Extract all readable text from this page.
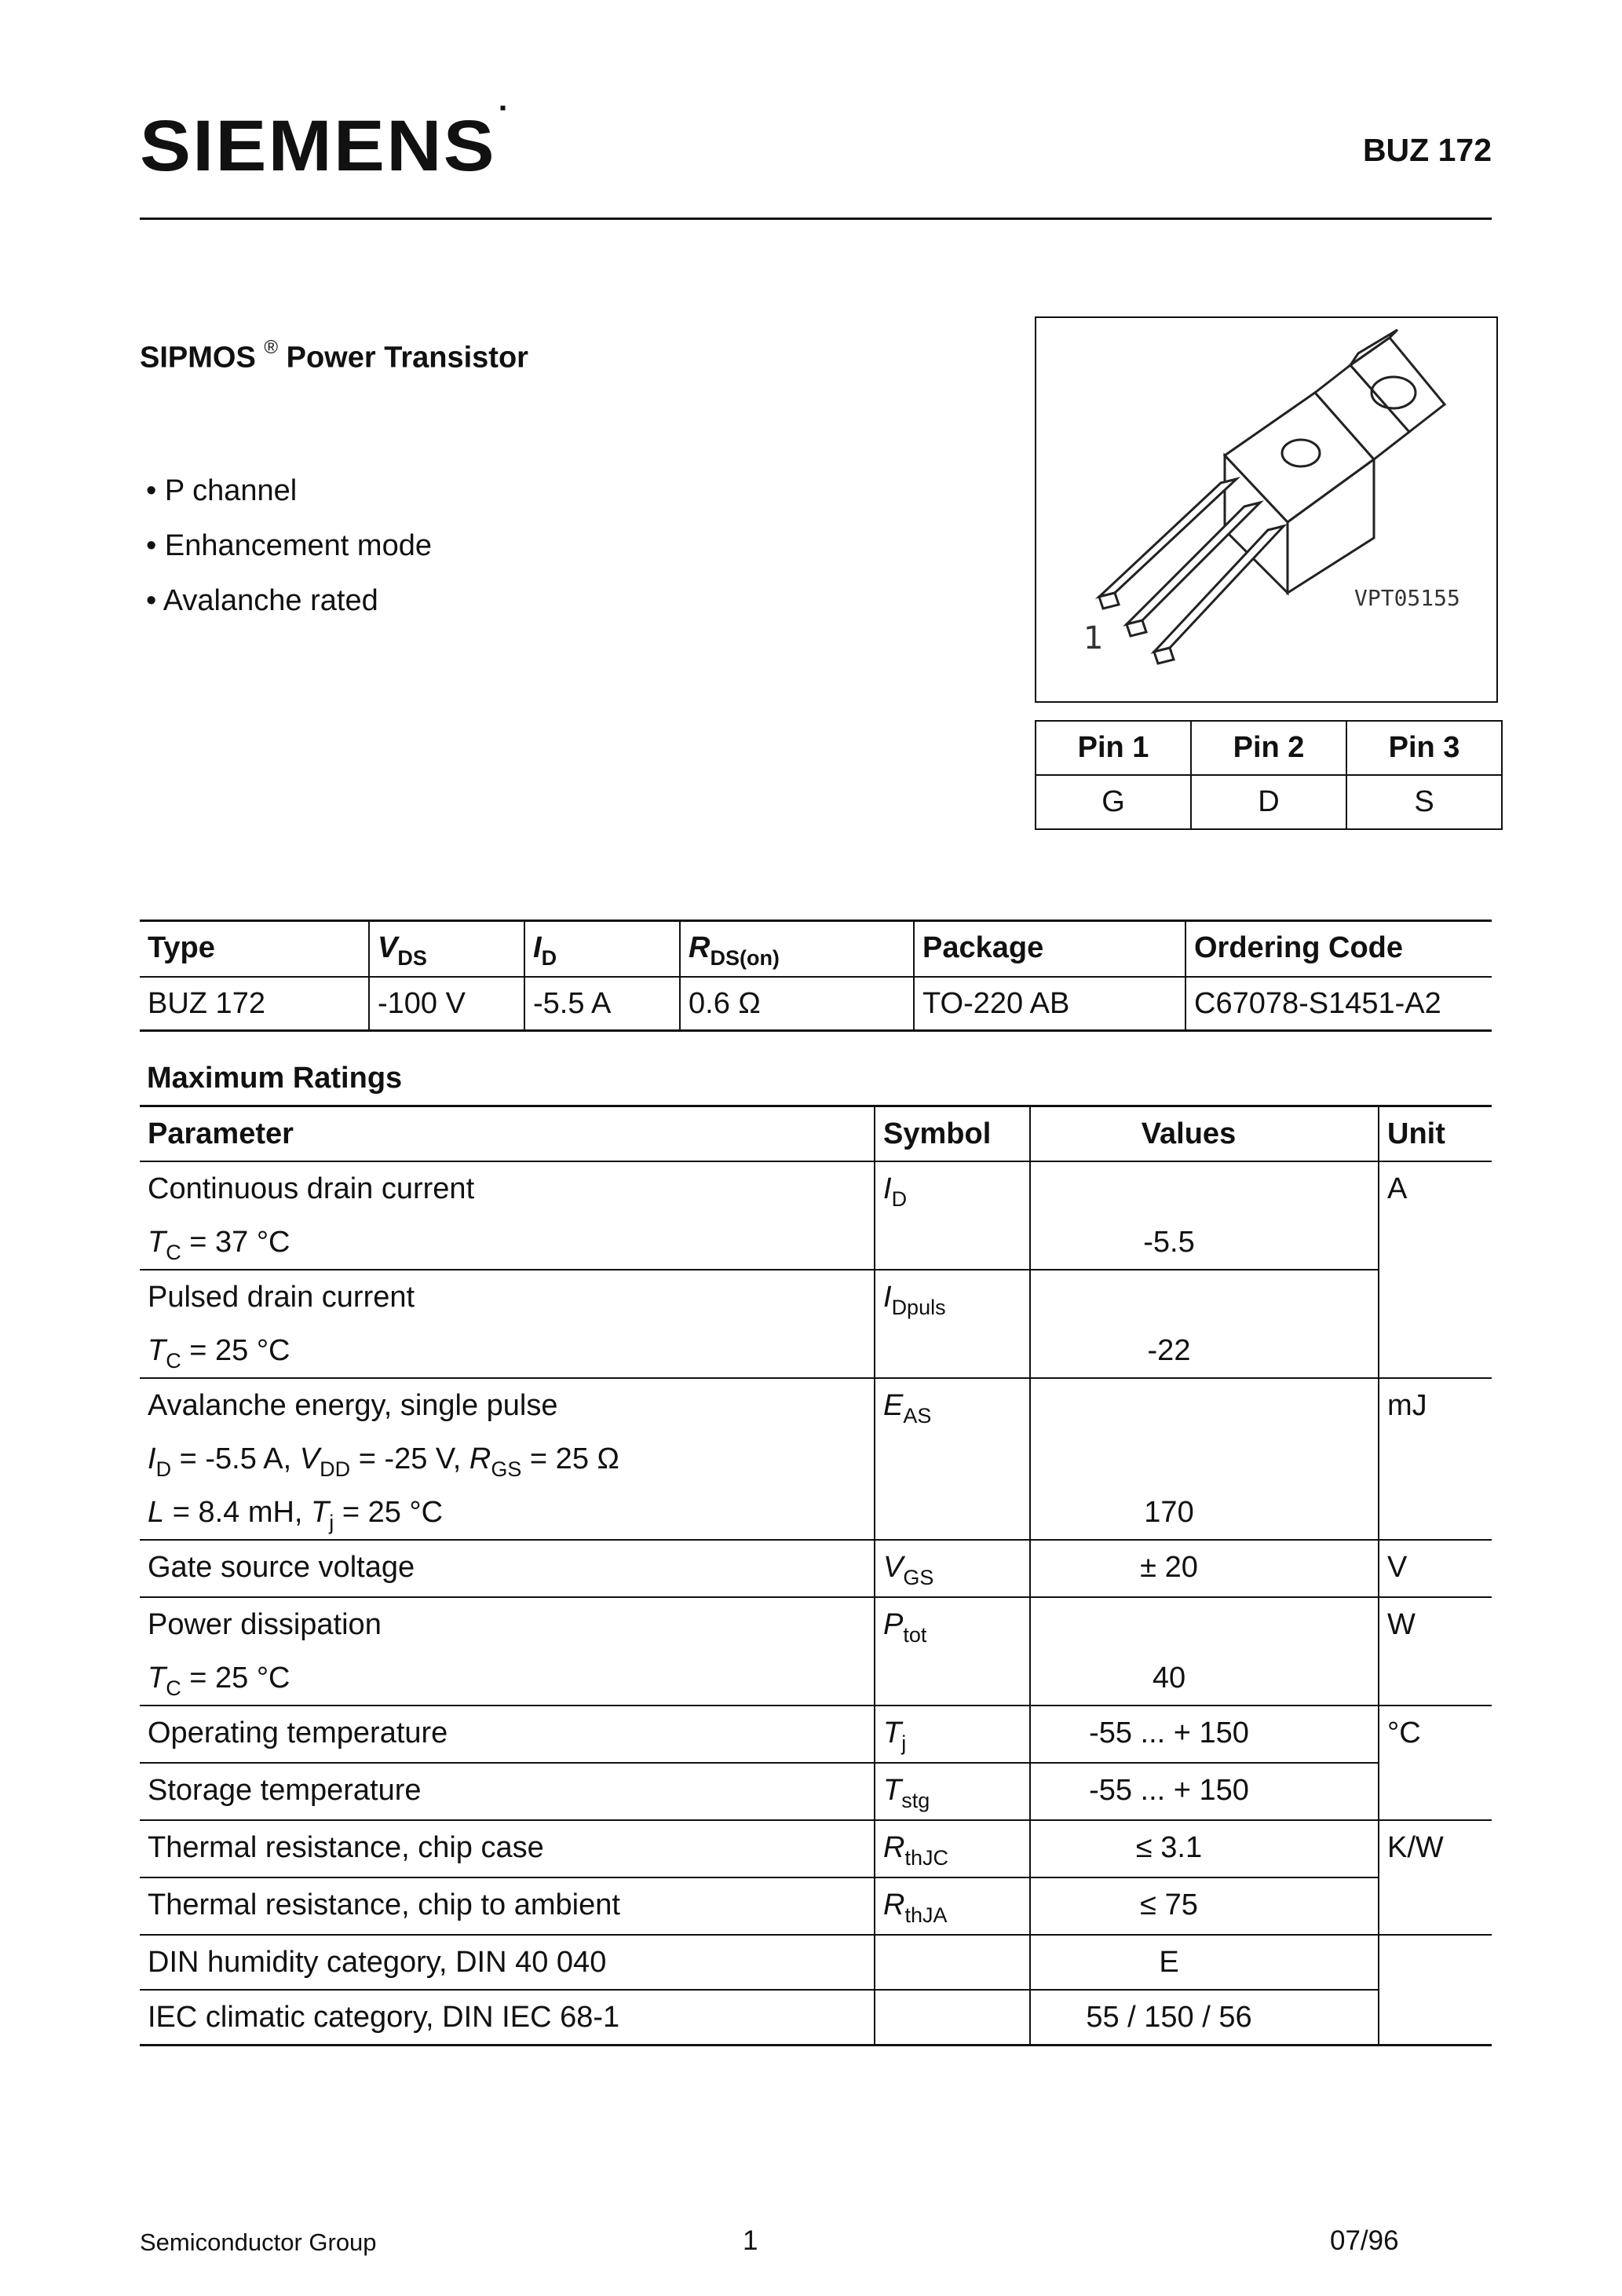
SIEMENS ·	BUZ 172
SIPMOS ® Power Transistor
• P channel
• Enhancement mode
• Avalanche rated
1
VPT05155
Pin 1	Pin 2	Pin 3
G	D	S
Type	$V_{DS}$	$I_D$	$R_{DS(on)}$	Package	Ordering Code
BUZ 172	-100 V	-5.5 A	0.6 Ω	TO-220 AB	C67078-S1451-A2
Maximum Ratings
Parameter	Symbol	Values	Unit

Continuous drain current
$T_C = 37$ °C	$I_D$	-5.5	A

Pulsed drain current
$T_C = 25$ °C	$I_{Dpuls}$	-22	

Avalanche energy, single pulse
$I_D = -5.5$ A, $V_{DD} = -25$ V, $R_{GS} = 25$ Ω
L = 8.4 mH, $T_j = 25$ °C	$E_{AS}$	170	mJ
Gate source voltage	$V_{GS}$	± 20	V

Power dissipation
$T_C = 25$ °C	$P_{tot}$	40	W
Operating temperature	$T_j$	-55 ... + 150	°C
Storage temperature	$T_{stg}$	-55 ... + 150	
Thermal resistance, chip case	$R_{thJC}$	≤ 3.1	K/W
Thermal resistance, chip to ambient	$R_{thJA}$	≤ 75	
DIN humidity category, DIN 40 040		E	
IEC climatic category, DIN IEC 68-1		55 / 150 / 56	
Semiconductor Group	1	07/96
